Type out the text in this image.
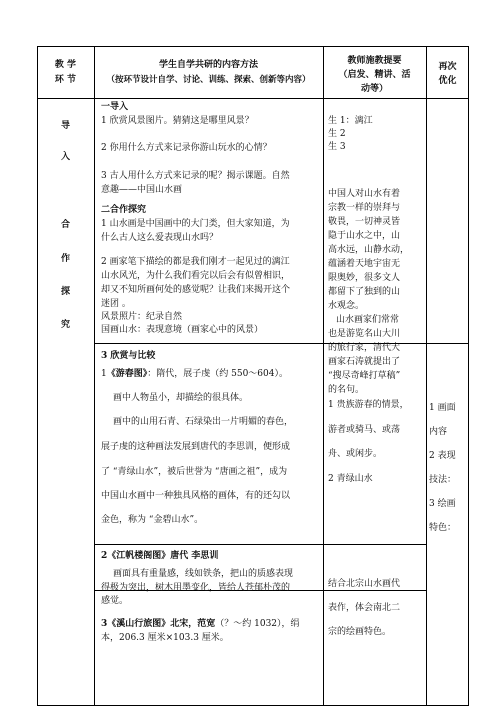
教 学
环 节
学生自学共研的内容方法
（按环节设计自学、讨论、训练、探索、创新等内容）
教师施教提要
（启发、精讲、活
动等）
再次
优化
导
入
合
作
探
究
一导入
1 欣赏风景图片。猜猜这是哪里风景？
2 你用什么方式来记录你游山玩水的心情？
3 古人用什么方式来记录的呢？揭示课题。自然
意趣——中国山水画
二合作探究
1 山水画是中国画中的大门类，但大家知道，为
什么古人这么爱表现山水吗？
2 画家笔下描绘的都是我们刚才一起见过的漓江
山水风光，为什么我们看完以后会有似曾相识，
却又不知所画何处的感觉呢？让我们来揭开这个
迷团 。
风景照片：纪录自然
国画山水：表现意境（画家心中的风景）
3 欣赏与比较
1《游春图》：隋代，展子虔（约 550～604）。
画中人物虽小，却描绘的很具体。
画中的山用石青、石绿染出一片明媚的春色，
展子虔的这种画法发展到唐代的李思训，便形成
了 “青绿山水”，被后世誉为 “唐画之祖”，成为
中国山水画中一种独具风格的画体，有的还勾以
金色，称为 “金碧山水”。
2《江帆楼阁图》唐代 李思训
画面具有重量感，线如铁条，把山的质感表现
得极为突出，树木用墨变化，皆给人苍郁朴茂的
感觉。
3《溪山行旅图》北宋，范宽（？～约 1032），绢
本，206.3 厘米×103.3 厘米。
生 1：漓江
生 2
生 3
中国人对山水有着
宗教一样的崇拜与
敬畏，一切神灵皆
隐于山水之中，山
高水远，山静水动，
蕴涵着天地宇宙无
限奥妙，很多文人
都留下了独到的山
水观念。
山水画家们常常
也是游览名山大川
的旅行家，清代大
画家石涛就提出了
“搜尽奇峰打草稿”
的名句。
1 贵族游春的情景，
游者或骑马、或荡
舟、或闲步。
2 青绿山水
结合北宗山水画代
表作，体会南北二
宗的绘画特色。
1 画面
内容
2 表现
技法：
3 绘画
特色：
